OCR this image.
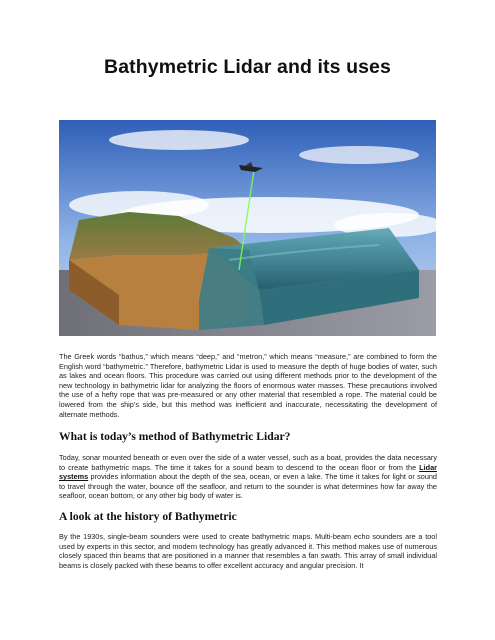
Bathymetric Lidar and its uses

The Greek words “bathus,” which means “deep,” and “metron,” which means “measure,” are combined to form the English word “bathymetric.” Therefore, bathymetric Lidar is used to measure the depth of huge bodies of water, such as lakes and ocean floors. This procedure was carried out using different methods prior to the development of the new technology in bathymetric lidar for analyzing the floors of enormous water masses. These precautions involved the use of a hefty rope that was pre-measured or any other material that resembled a rope. The material could be lowered from the ship’s side, but this method was inefficient and inaccurate, necessitating the development of alternate methods.

What is today’s method of Bathymetric Lidar?

Today, sonar mounted beneath or even over the side of a water vessel, such as a boat, provides the data necessary to create bathymetric maps. The time it takes for a sound beam to descend to the ocean floor or from the Lidar systems provides information about the depth of the sea, ocean, or even a lake. The time it takes for light or sound to travel through the water, bounce off the seafloor, and return to the sounder is what determines how far away the seafloor, ocean bottom, or any other big body of water is.

A look at the history of Bathymetric

By the 1930s, single-beam sounders were used to create bathymetric maps. Multi-beam echo sounders are a tool used by experts in this sector, and modern technology has greatly advanced it. This method makes use of numerous closely spaced thin beams that are positioned in a manner that resembles a fan swath. This array of small individual beams is closely packed with these beams to offer excellent accuracy and angular precision. It
